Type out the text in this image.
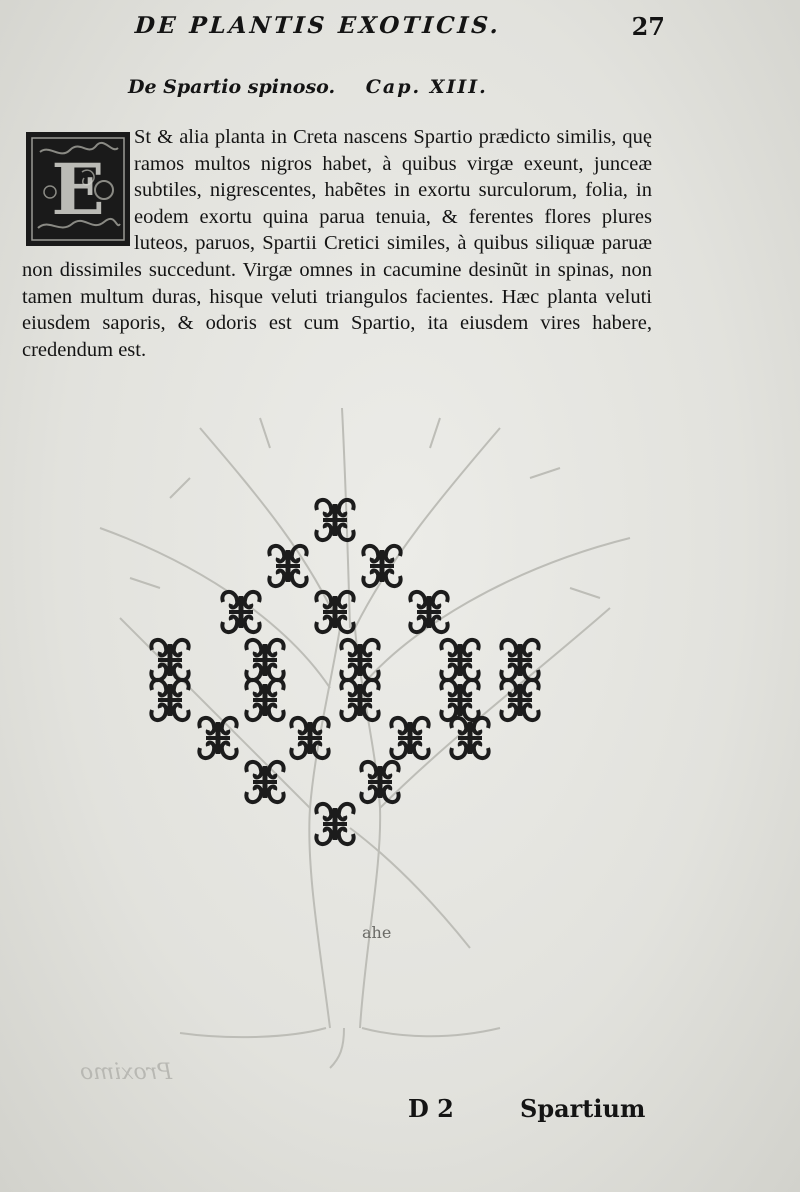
DE PLANTIS EXOTICIS.	27
De Spartio spinoso. Cap. XIII.
E
St & alia planta in Creta nascens Spartio prædicto similis, quę ramos multos nigros habet, à quibus virgæ exeunt, junceæ subtiles, nigrescentes, habẽtes in exortu surculorum, folia, in eodem exortu quina parua tenuia, & ferentes flores plures luteos, paruos, Spartii Cretici similes, à quibus siliquæ paruæ non dissimiles succedunt. Virgæ omnes in cacumine desinũt in spinas, non tamen multum duras, hisque veluti triangulos facientes. Hæc planta veluti eiusdem saporis, & odoris est cum Spartio, ita eiusdem vires habere, credendum est.
ahe
Proximo
D 2	Spartium
